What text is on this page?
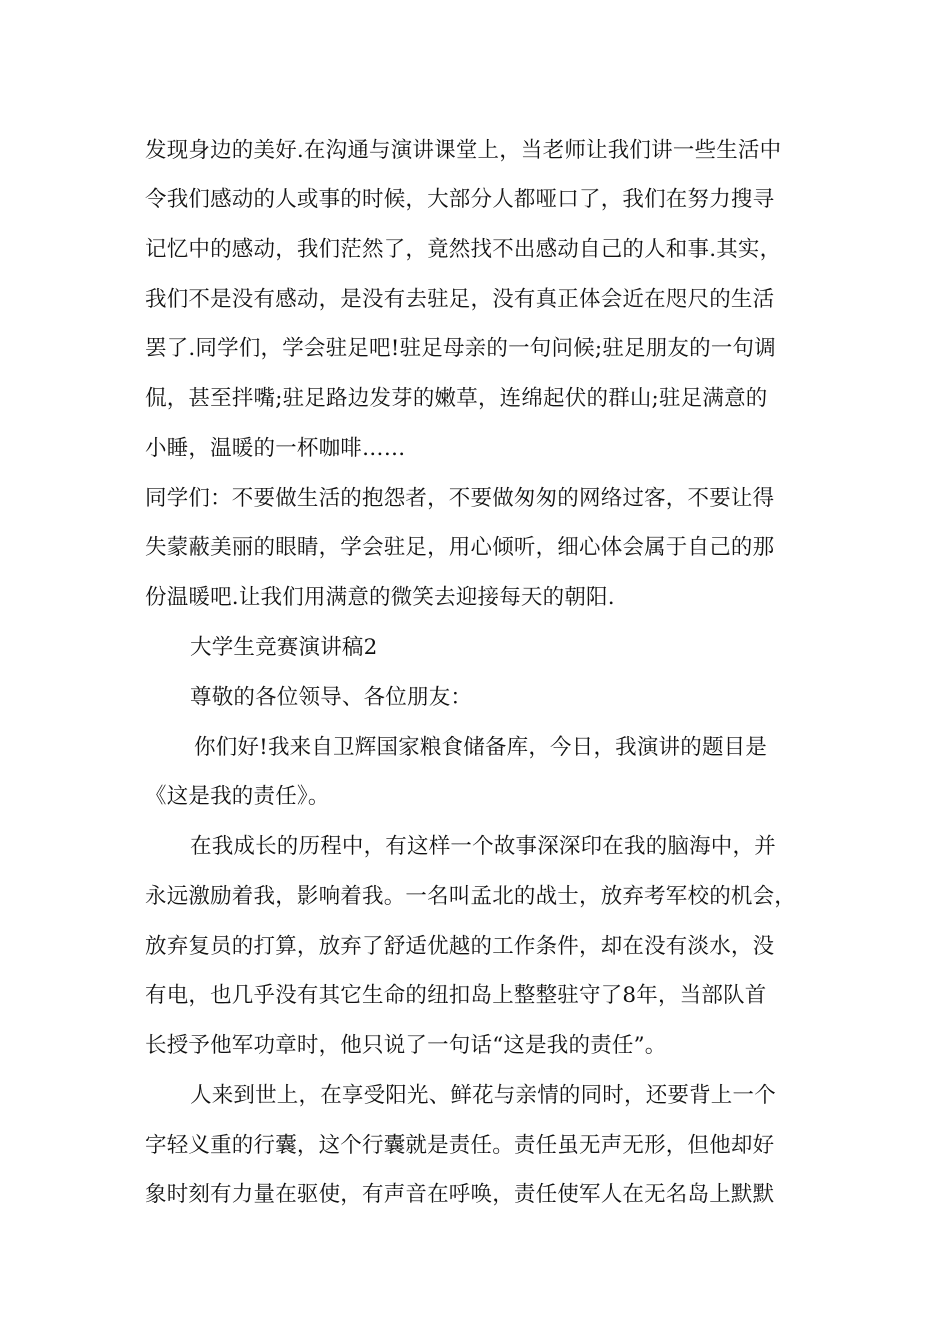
发现身边的美好.在沟通与演讲课堂上，当老师让我们讲一些生活中
令我们感动的人或事的时候，大部分人都哑口了，我们在努力搜寻
记忆中的感动，我们茫然了，竟然找不出感动自己的人和事.其实，
我们不是没有感动，是没有去驻足，没有真正体会近在咫尺的生活
罢了.同学们，学会驻足吧!驻足母亲的一句问候;驻足朋友的一句调
侃，甚至拌嘴;驻足路边发芽的嫩草，连绵起伏的群山;驻足满意的
小睡，温暖的一杯咖啡……
同学们：不要做生活的抱怨者，不要做匆匆的网络过客，不要让得
失蒙蔽美丽的眼睛，学会驻足，用心倾听，细心体会属于自己的那
份温暖吧.让我们用满意的微笑去迎接每天的朝阳.
大学生竞赛演讲稿2
尊敬的各位领导、各位朋友：
你们好!我来自卫辉国家粮食储备库，今日，我演讲的题目是
《这是我的责任》。
在我成长的历程中，有这样一个故事深深印在我的脑海中，并
永远激励着我，影响着我。一名叫孟北的战士，放弃考军校的机会，
放弃复员的打算，放弃了舒适优越的工作条件，却在没有淡水，没
有电，也几乎没有其它生命的纽扣岛上整整驻守了8年，当部队首
长授予他军功章时，他只说了一句话“这是我的责任”。
人来到世上，在享受阳光、鲜花与亲情的同时，还要背上一个
字轻义重的行囊，这个行囊就是责任。责任虽无声无形，但他却好
象时刻有力量在驱使，有声音在呼唤，责任使军人在无名岛上默默
